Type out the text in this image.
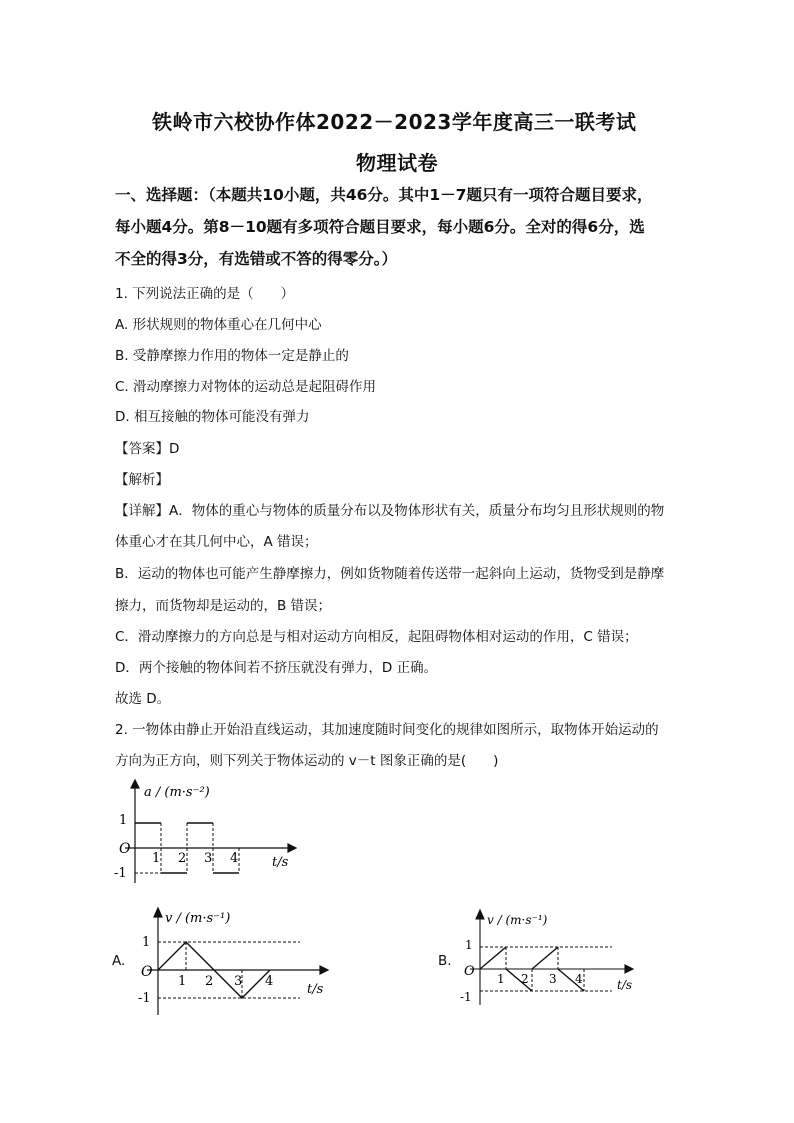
铁岭市六校协作体2022－2023学年度高三一联考试
物理试卷
一、选择题：（本题共10小题，共46分。其中1－7题只有一项符合题目要求，
每小题4分。第8－10题有多项符合题目要求，每小题6分。全对的得6分，选
不全的得3分，有选错或不答的得零分。）
1. 下列说法正确的是（　　）
A. 形状规则的物体重心在几何中心
B. 受静摩擦力作用的物体一定是静止的
C. 滑动摩擦力对物体的运动总是起阻碍作用
D. 相互接触的物体可能没有弹力
【答案】D
【解析】
【详解】A．物体的重心与物体的质量分布以及物体形状有关，质量分布均匀且形状规则的物
体重心才在其几何中心，A 错误；
B．运动的物体也可能产生静摩擦力，例如货物随着传送带一起斜向上运动，货物受到是静摩
擦力，而货物却是运动的，B 错误；
C．滑动摩擦力的方向总是与相对运动方向相反，起阻碍物体相对运动的作用，C 错误；
D．两个接触的物体间若不挤压就没有弹力，D 正确。
故选 D。
2. 一物体由静止开始沿直线运动，其加速度随时间变化的规律如图所示，取物体开始运动的
方向为正方向，则下列关于物体运动的 v－t 图象正确的是(　　)
a / (m·s⁻²)
t/s
O
1
-1
1 2 3 4
A.
v / (m·s⁻¹)
t/s
O
1
-1
1 2 3 4
B.
v / (m·s⁻¹)
t/s
O
1
-1
1 2 3 4
